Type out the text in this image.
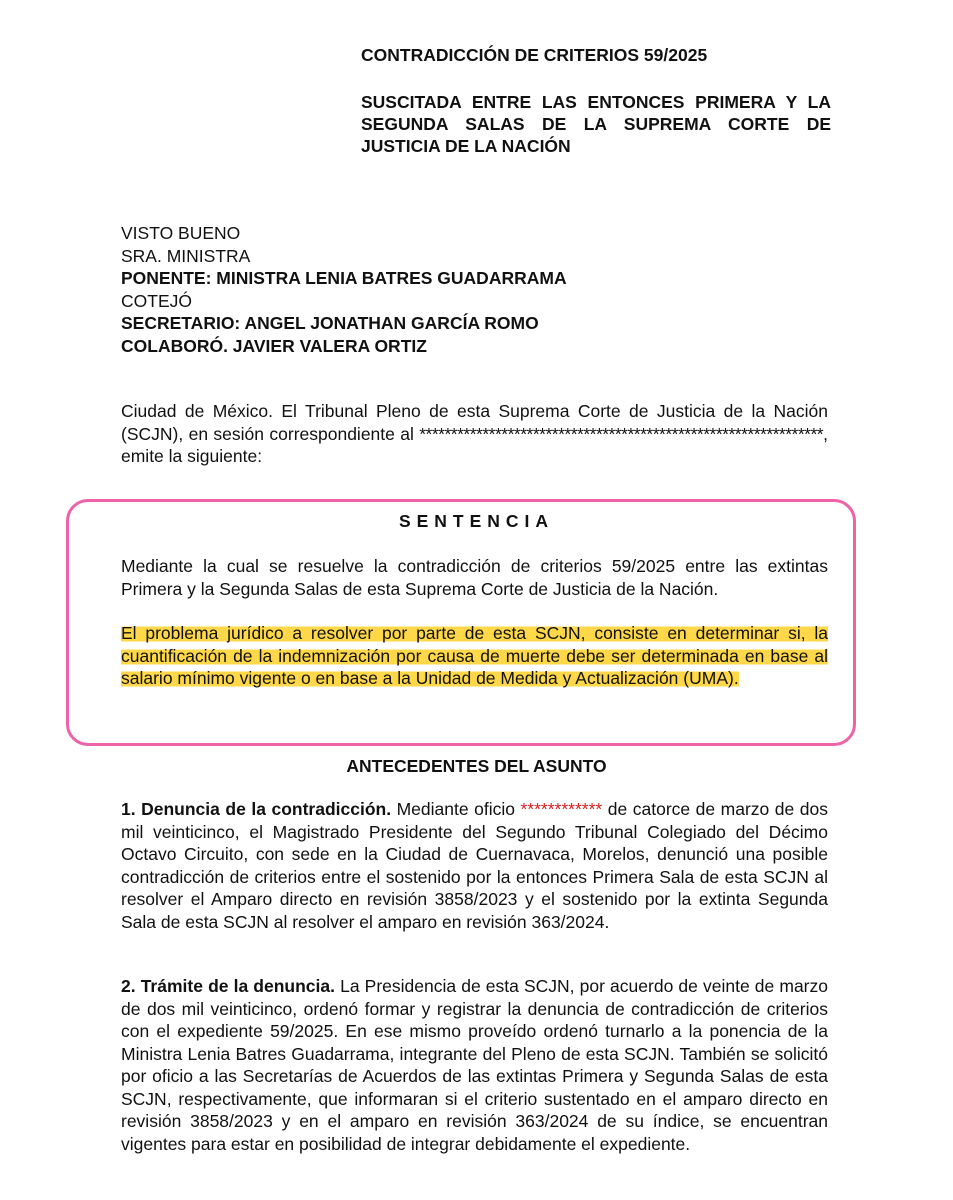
CONTRADICCIÓN DE CRITERIOS 59/2025

SUSCITADA ENTRE LAS ENTONCES PRIMERA Y LA SEGUNDA SALAS DE LA SUPREMA CORTE DE JUSTICIA DE LA NACIÓN

VISTO BUENO
SRA. MINISTRA
PONENTE: MINISTRA LENIA BATRES GUADARRAMA
COTEJÓ
SECRETARIO: ANGEL JONATHAN GARCÍA ROMO
COLABORÓ. JAVIER VALERA ORTIZ

Ciudad de México. El Tribunal Pleno de esta Suprema Corte de Justicia de la Nación (SCJN), en sesión correspondiente al ****************************************************************, emite la siguiente:

SENTENCIA

Mediante la cual se resuelve la contradicción de criterios 59/2025 entre las extintas Primera y la Segunda Salas de esta Suprema Corte de Justicia de la Nación.

El problema jurídico a resolver por parte de esta SCJN, consiste en determinar si, la cuantificación de la indemnización por causa de muerte debe ser determinada en base al salario mínimo vigente o en base a la Unidad de Medida y Actualización (UMA).

ANTECEDENTES DEL ASUNTO

1. Denuncia de la contradicción. Mediante oficio ************ de catorce de marzo de dos mil veinticinco, el Magistrado Presidente del Segundo Tribunal Colegiado del Décimo Octavo Circuito, con sede en la Ciudad de Cuernavaca, Morelos, denunció una posible contradicción de criterios entre el sostenido por la entonces Primera Sala de esta SCJN al resolver el Amparo directo en revisión 3858/2023 y el sostenido por la extinta Segunda Sala de esta SCJN al resolver el amparo en revisión 363/2024.

2. Trámite de la denuncia. La Presidencia de esta SCJN, por acuerdo de veinte de marzo de dos mil veinticinco, ordenó formar y registrar la denuncia de contradicción de criterios con el expediente 59/2025. En ese mismo proveído ordenó turnarlo a la ponencia de la Ministra Lenia Batres Guadarrama, integrante del Pleno de esta SCJN. También se solicitó por oficio a las Secretarías de Acuerdos de las extintas Primera y Segunda Salas de esta SCJN, respectivamente, que informaran si el criterio sustentado en el amparo directo en revisión 3858/2023 y en el amparo en revisión 363/2024 de su índice, se encuentran vigentes para estar en posibilidad de integrar debidamente el expediente.
